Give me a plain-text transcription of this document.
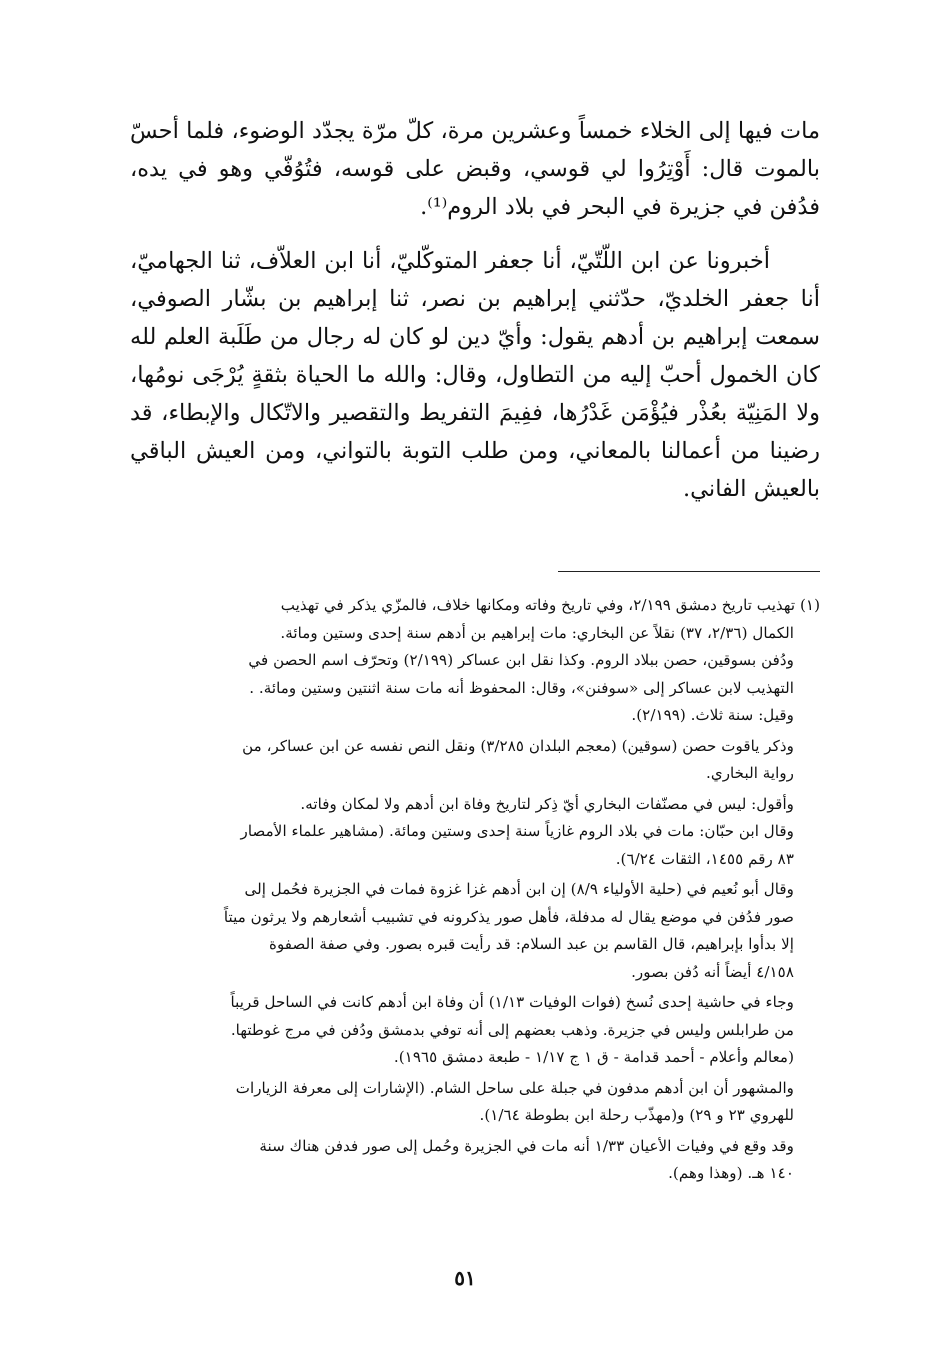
مات فيها إلى الخلاء خمساً وعشرين مرة، كلّ مرّة يجدّد الوضوء، فلما أحسّ بالموت قال: أَوْتِرُوا لي قوسي، وقبض على قوسه، فتُوُفّي وهو في يده، فدُفن في جزيرة في البحر في بلاد الروم⁽¹⁾.

أخبرونا عن ابن اللّتّيّ، أنا جعفر المتوكّليّ، أنا ابن العلاّف، ثنا الجهاميّ، أنا جعفر الخلديّ، حدّثني إبراهيم بن نصر، ثنا إبراهيم بن بشّار الصوفي، سمعت إبراهيم بن أدهم يقول: وأيّ دين لو كان له رجال من طَلَبة العلم لله كان الخمول أحبّ إليه من التطاول، وقال: والله ما الحياة بثقةٍ يُرْجَى نومُها، ولا المَنِيّة بعُذْر فيُؤْمَن غَدْرُها، ففِيمَ التفريط والتقصير والاتّكال والإبطاء، قد رضينا من أعمالنا بالمعاني، ومن طلب التوبة بالتواني، ومن العيش الباقي بالعيش الفاني.

(١) تهذيب تاريخ دمشق ٢/١٩٩، وفي تاريخ وفاته ومكانها خلاف، فالمزّي يذكر في تهذيب

الكمال (٢/٣٦، ٣٧) نقلاً عن البخاري: مات إبراهيم بن أدهم سنة إحدى وستين ومائة.

ودُفن بسوقين، حصن ببلاد الروم. وكذا نقل ابن عساكر (٢/١٩٩) وتحرّف اسم الحصن في

التهذيب لابن عساكر إلى «سوفنن»، وقال: المحفوظ أنه مات سنة اثنتين وستين ومائة. .

وقيل: سنة ثلاث. (٢/١٩٩).

وذكر ياقوت حصن (سوقين) (معجم البلدان ٣/٢٨٥) ونقل النص نفسه عن ابن عساكر، من

رواية البخاري.

وأقول: ليس في مصنّفات البخاري أيّ ذِكر لتاريخ وفاة ابن أدهم ولا لمكان وفاته.

وقال ابن حبّان: مات في بلاد الروم غازياً سنة إحدى وستين ومائة. (مشاهير علماء الأمصار

٨٣ رقم ١٤٥٥، الثقات ٦/٢٤).

وقال أبو نُعيم في (حلية الأولياء ٨/٩) إن ابن أدهم غزا غزوة فمات في الجزيرة فحُمل إلى

صور فدُفن في موضع يقال له مدفلة، فأهل صور يذكرونه في تشبيب أشعارهم ولا يرثون ميتاً

إلا بدأوا بإبراهيم، قال القاسم بن عبد السلام: قد رأيت قبره بصور. وفي صفة الصفوة

٤/١٥٨ أيضاً أنه دُفن بصور.

وجاء في حاشية إحدى نُسخ (فوات الوفيات ١/١٣) أن وفاة ابن أدهم كانت في الساحل قريباً

من طرابلس وليس في جزيرة. وذهب بعضهم إلى أنه توفي بدمشق ودُفن في مرج غوطتها.

(معالم وأعلام - أحمد قدامة - ق ١ ج ١/١٧ - طبعة دمشق ١٩٦٥).

والمشهور أن ابن أدهم مدفون في جبلة على ساحل الشام. (الإشارات إلى معرفة الزيارات

للهروي ٢٣ و ٢٩) و(مهذّب رحلة ابن بطوطة ١/٦٤).

وقد وقع في وفيات الأعيان ١/٣٣ أنه مات في الجزيرة وحُمل إلى صور فدفن هناك سنة

١٤٠ هـ. (وهذا وهم).

٥١
